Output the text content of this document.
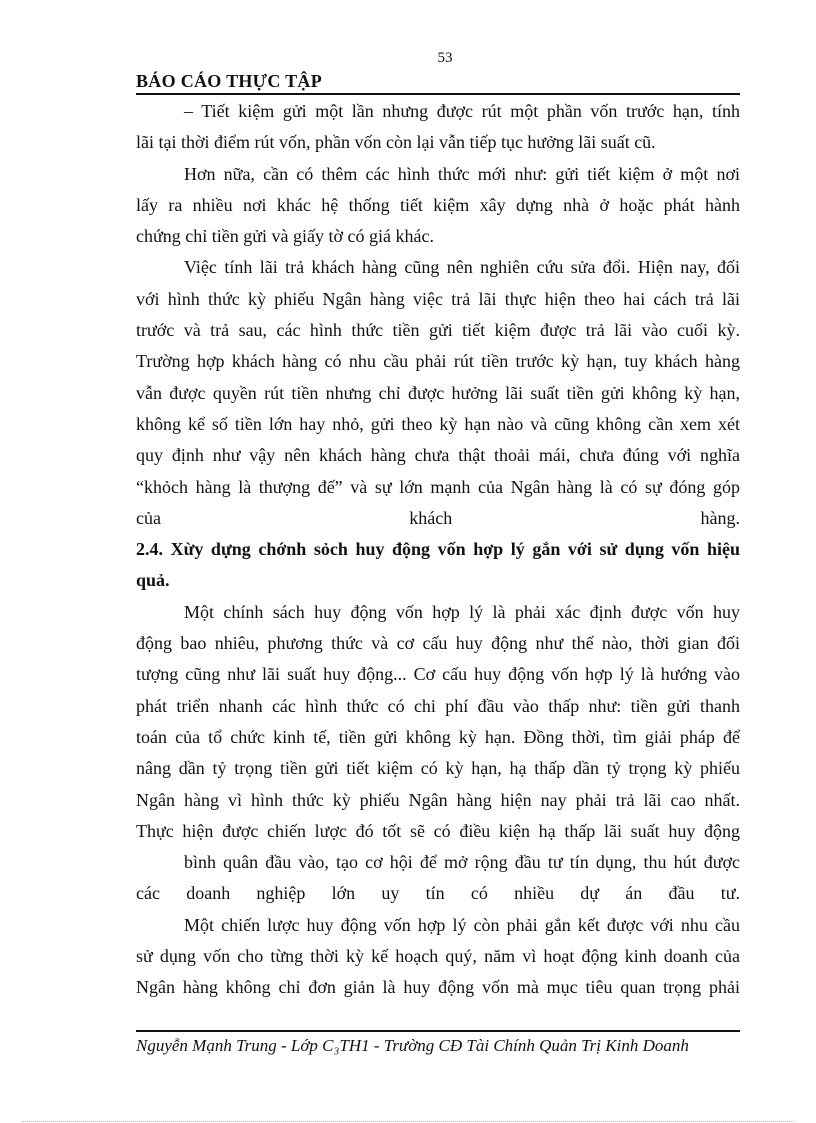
53
BÁO CÁO THỰC TẬP
– Tiết kiệm gửi một lần nhưng được rút một phần vốn trước hạn, tính
lãi tại thời điểm rút vốn, phần vốn còn lại vẫn tiếp tục hưởng lãi suất cũ.
Hơn nữa, cần có thêm các hình thức mới như: gửi tiết kiệm ở một nơi
lấy ra nhiều nơi khác hệ thống tiết kiệm xây dựng nhà ở hoặc phát hành
chứng chỉ tiền gửi và giấy tờ có giá khác.
Việc tính lãi trả khách hàng cũng nên nghiên cứu sửa đổi. Hiện nay, đối
với hình thức kỳ phiếu Ngân hàng việc trả lãi thực hiện theo hai cách trả lãi
trước và trả sau, các hình thức tiền gửi tiết kiệm được trả lãi vào cuối kỳ.
Trường hợp khách hàng có nhu cầu phải rút tiền trước kỳ hạn, tuy khách hàng
vẫn được quyền rút tiền nhưng chỉ được hưởng lãi suất tiền gửi không kỳ hạn,
không kể số tiền lớn hay nhỏ, gửi theo kỳ hạn nào và cũng không cần xem xét
quy định như vậy nên khách hàng chưa thật thoải mái, chưa đúng với nghĩa
“khỏch hàng là thượng đế” và sự lớn mạnh của Ngân hàng là có sự đóng góp
của khách hàng.
2.4. Xừy dựng chớnh sỏch huy động vốn hợp lý gắn với sử dụng vốn hiệu
quả.
Một chính sách huy động vốn hợp lý là phải xác định được vốn huy
động bao nhiêu, phương thức và cơ cấu huy động như thế nào, thời gian đối
tượng cũng như lãi suất huy động... Cơ cấu huy động vốn hợp lý là hướng vào
phát triển nhanh các hình thức có chi phí đầu vào thấp như: tiền gửi thanh
toán của tổ chức kinh tế, tiền gửi không kỳ hạn. Đồng thời, tìm giải pháp để
nâng dần tỷ trọng tiền gửi tiết kiệm có kỳ hạn, hạ thấp dần tỷ trọng kỳ phiếu
Ngân hàng vì hình thức kỳ phiếu Ngân hàng hiện nay phải trả lãi cao nhất.
Thực hiện được chiến lược đó tốt sẽ có điều kiện hạ thấp lãi suất huy động
bình quân đầu vào, tạo cơ hội để mở rộng đầu tư tín dụng, thu hút được
các doanh nghiệp lớn uy tín có nhiều dự án đầu tư.
Một chiến lược huy động vốn hợp lý còn phải gắn kết được với nhu cầu
sử dụng vốn cho từng thời kỳ kế hoạch quý, năm vì hoạt động kinh doanh của
Ngân hàng không chỉ đơn giản là huy động vốn mà mục tiêu quan trọng phải
Nguyễn Mạnh Trung - Lớp C₃TH1 - Trường CĐ Tài Chính Quản Trị Kinh Doanh
